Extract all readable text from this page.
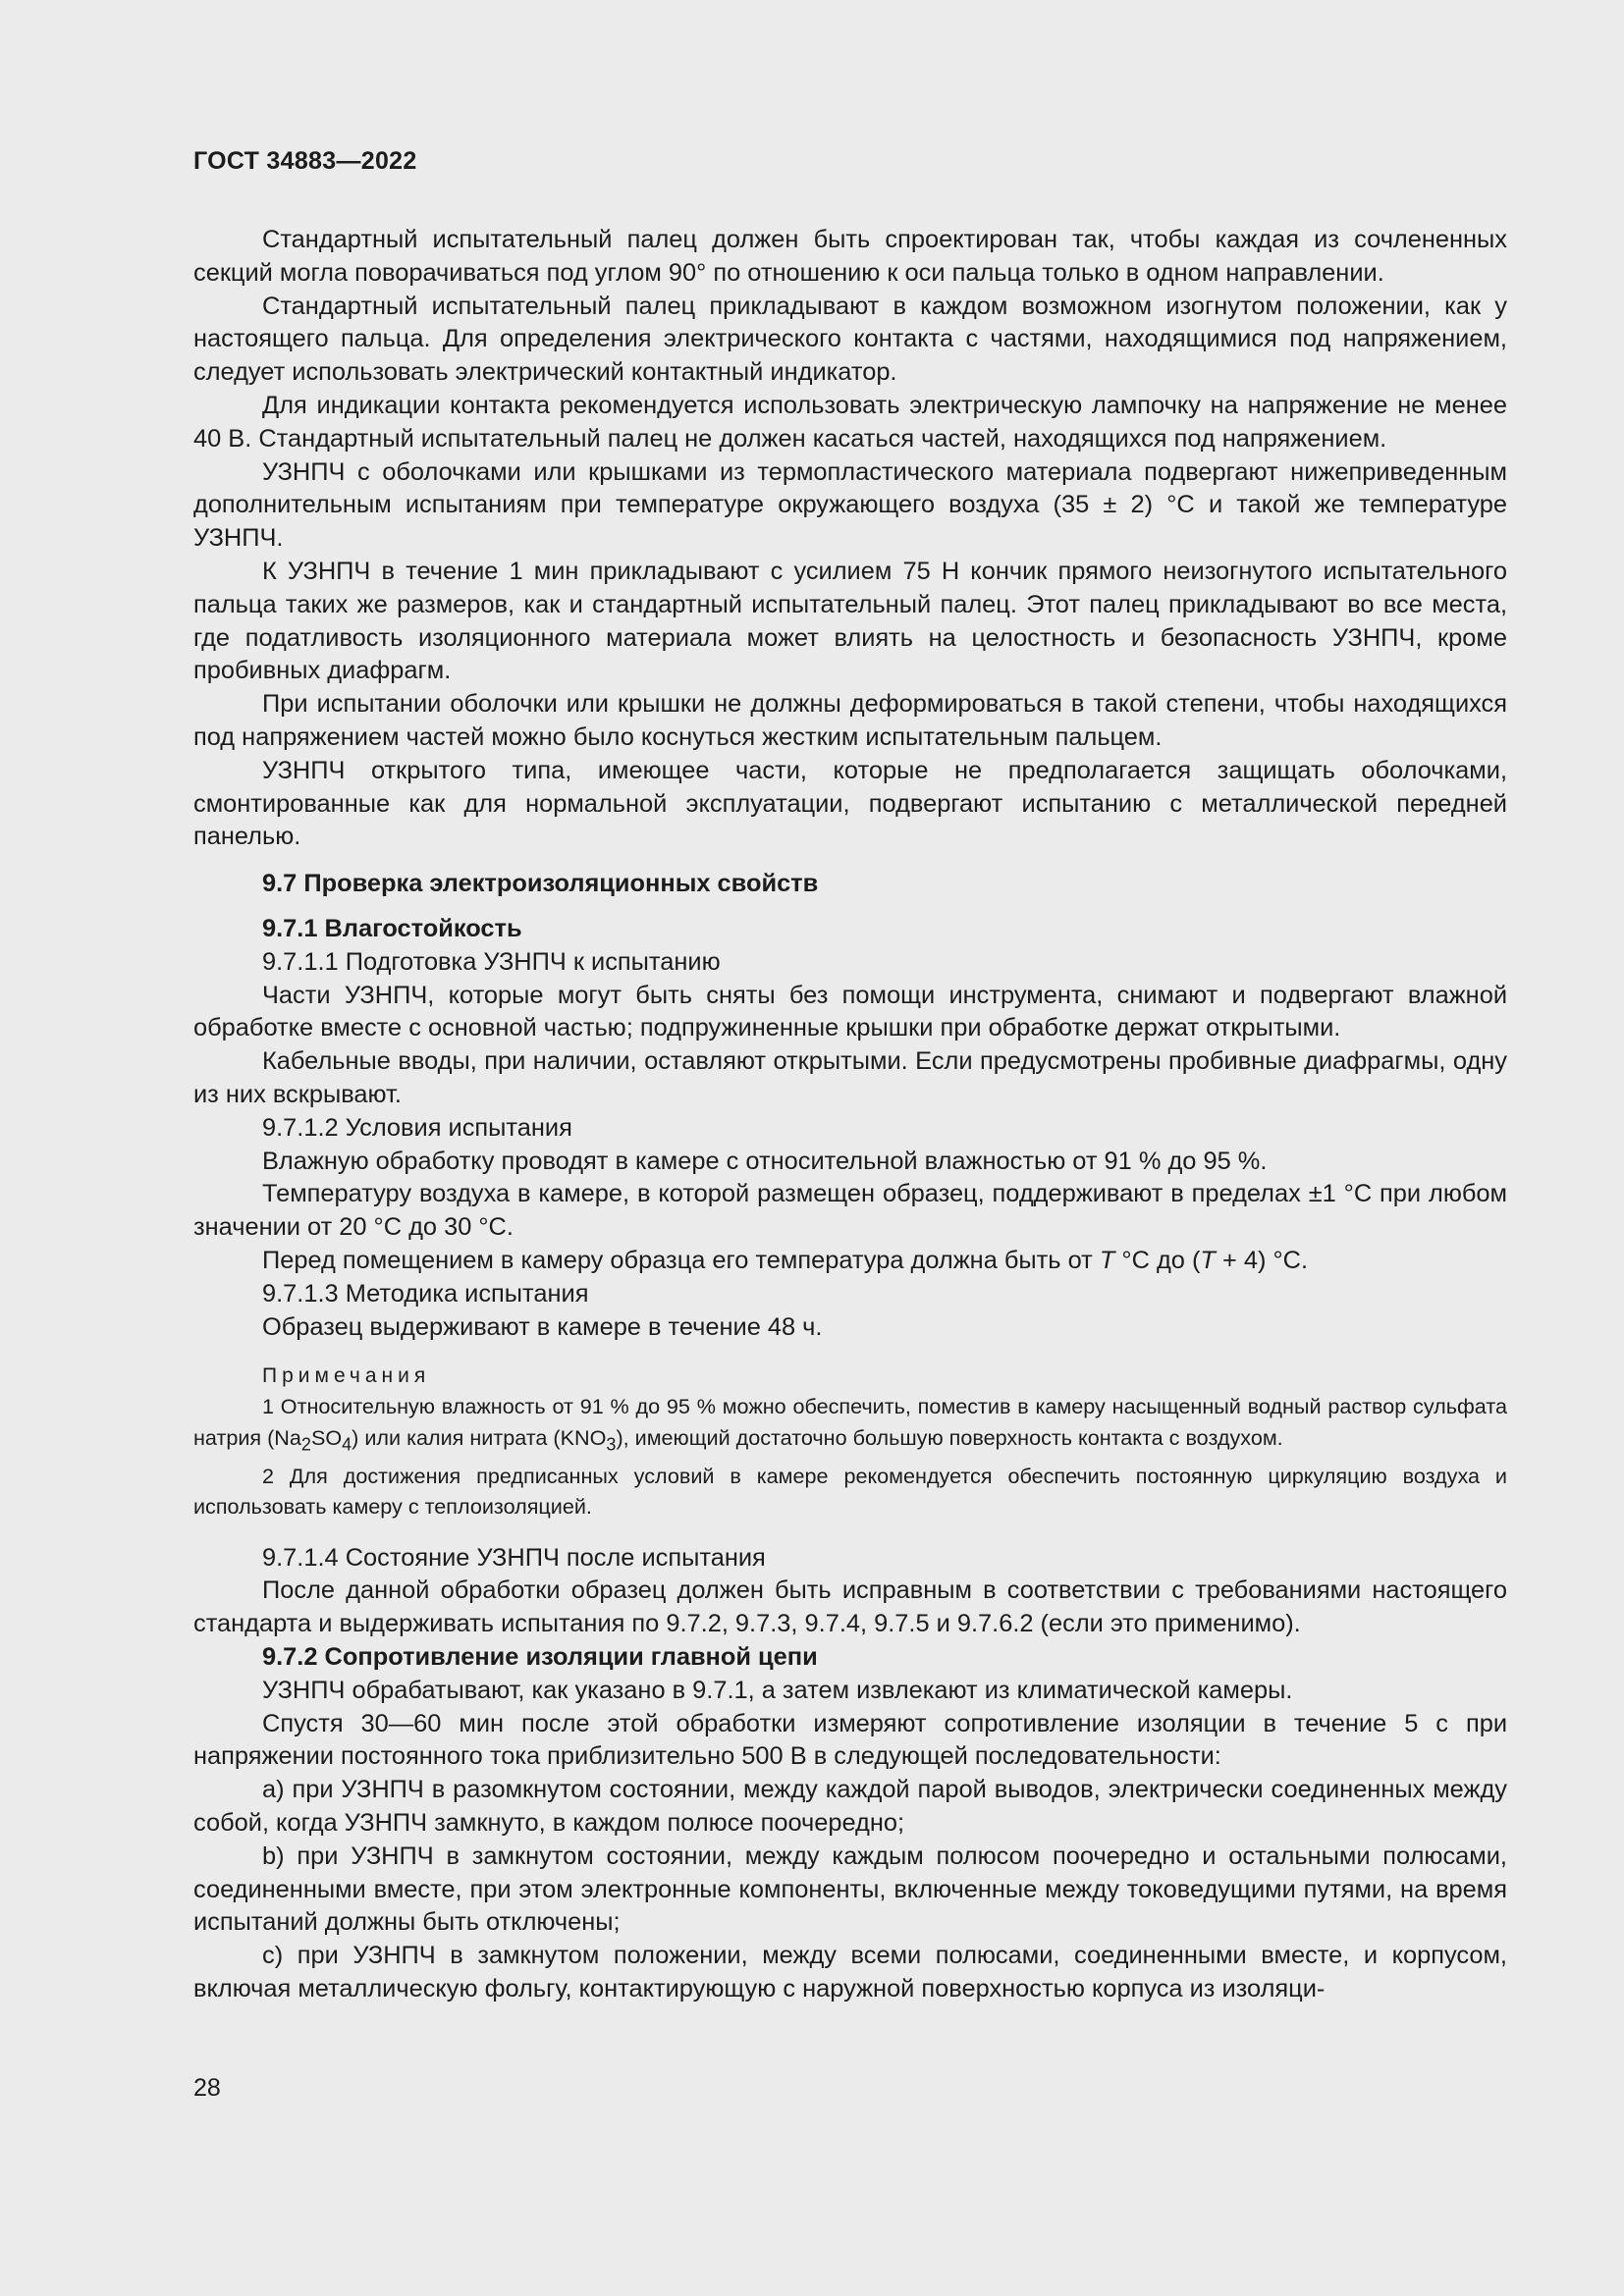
ГОСТ 34883—2022

Стандартный испытательный палец должен быть спроектирован так, чтобы каждая из сочлененных секций могла поворачиваться под углом 90° по отношению к оси пальца только в одном направлении.

Стандартный испытательный палец прикладывают в каждом возможном изогнутом положении, как у настоящего пальца. Для определения электрического контакта с частями, находящимися под напряжением, следует использовать электрический контактный индикатор.

Для индикации контакта рекомендуется использовать электрическую лампочку на напряжение не менее 40 В. Стандартный испытательный палец не должен касаться частей, находящихся под напряжением.

УЗНПЧ с оболочками или крышками из термопластического материала подвергают нижеприведенным дополнительным испытаниям при температуре окружающего воздуха (35 ± 2) °С и такой же температуре УЗНПЧ.

К УЗНПЧ в течение 1 мин прикладывают с усилием 75 Н кончик прямого неизогнутого испытательного пальца таких же размеров, как и стандартный испытательный палец. Этот палец прикладывают во все места, где податливость изоляционного материала может влиять на целостность и безопасность УЗНПЧ, кроме пробивных диафрагм.

При испытании оболочки или крышки не должны деформироваться в такой степени, чтобы находящихся под напряжением частей можно было коснуться жестким испытательным пальцем.

УЗНПЧ открытого типа, имеющее части, которые не предполагается защищать оболочками, смонтированные как для нормальной эксплуатации, подвергают испытанию с металлической передней панелью.

9.7 Проверка электроизоляционных свойств

9.7.1 Влагостойкость

9.7.1.1 Подготовка УЗНПЧ к испытанию

Части УЗНПЧ, которые могут быть сняты без помощи инструмента, снимают и подвергают влажной обработке вместе с основной частью; подпружиненные крышки при обработке держат открытыми.

Кабельные вводы, при наличии, оставляют открытыми. Если предусмотрены пробивные диафрагмы, одну из них вскрывают.

9.7.1.2 Условия испытания

Влажную обработку проводят в камере с относительной влажностью от 91 % до 95 %.

Температуру воздуха в камере, в которой размещен образец, поддерживают в пределах ±1 °С при любом значении от 20 °С до 30 °С.

Перед помещением в камеру образца его температура должна быть от T °С до (T + 4) °С.

9.7.1.3 Методика испытания

Образец выдерживают в камере в течение 48 ч.

Примечания
1 Относительную влажность от 91 % до 95 % можно обеспечить, поместив в камеру насыщенный водный раствор сульфата натрия $(Na_2SO_4)$ или калия нитрата $(KNO_3)$, имеющий достаточно большую поверхность контакта с воздухом.
2 Для достижения предписанных условий в камере рекомендуется обеспечить постоянную циркуляцию воздуха и использовать камеру с теплоизоляцией.

9.7.1.4 Состояние УЗНПЧ после испытания

После данной обработки образец должен быть исправным в соответствии с требованиями настоящего стандарта и выдерживать испытания по 9.7.2, 9.7.3, 9.7.4, 9.7.5 и 9.7.6.2 (если это применимо).

9.7.2 Сопротивление изоляции главной цепи

УЗНПЧ обрабатывают, как указано в 9.7.1, а затем извлекают из климатической камеры.

Спустя 30—60 мин после этой обработки измеряют сопротивление изоляции в течение 5 с при напряжении постоянного тока приблизительно 500 В в следующей последовательности:

а) при УЗНПЧ в разомкнутом состоянии, между каждой парой выводов, электрически соединенных между собой, когда УЗНПЧ замкнуто, в каждом полюсе поочередно;

b) при УЗНПЧ в замкнутом состоянии, между каждым полюсом поочередно и остальными полюсами, соединенными вместе, при этом электронные компоненты, включенные между токоведущими путями, на время испытаний должны быть отключены;

с) при УЗНПЧ в замкнутом положении, между всеми полюсами, соединенными вместе, и корпусом, включая металлическую фольгу, контактирующую с наружной поверхностью корпуса из изоляци-

28
